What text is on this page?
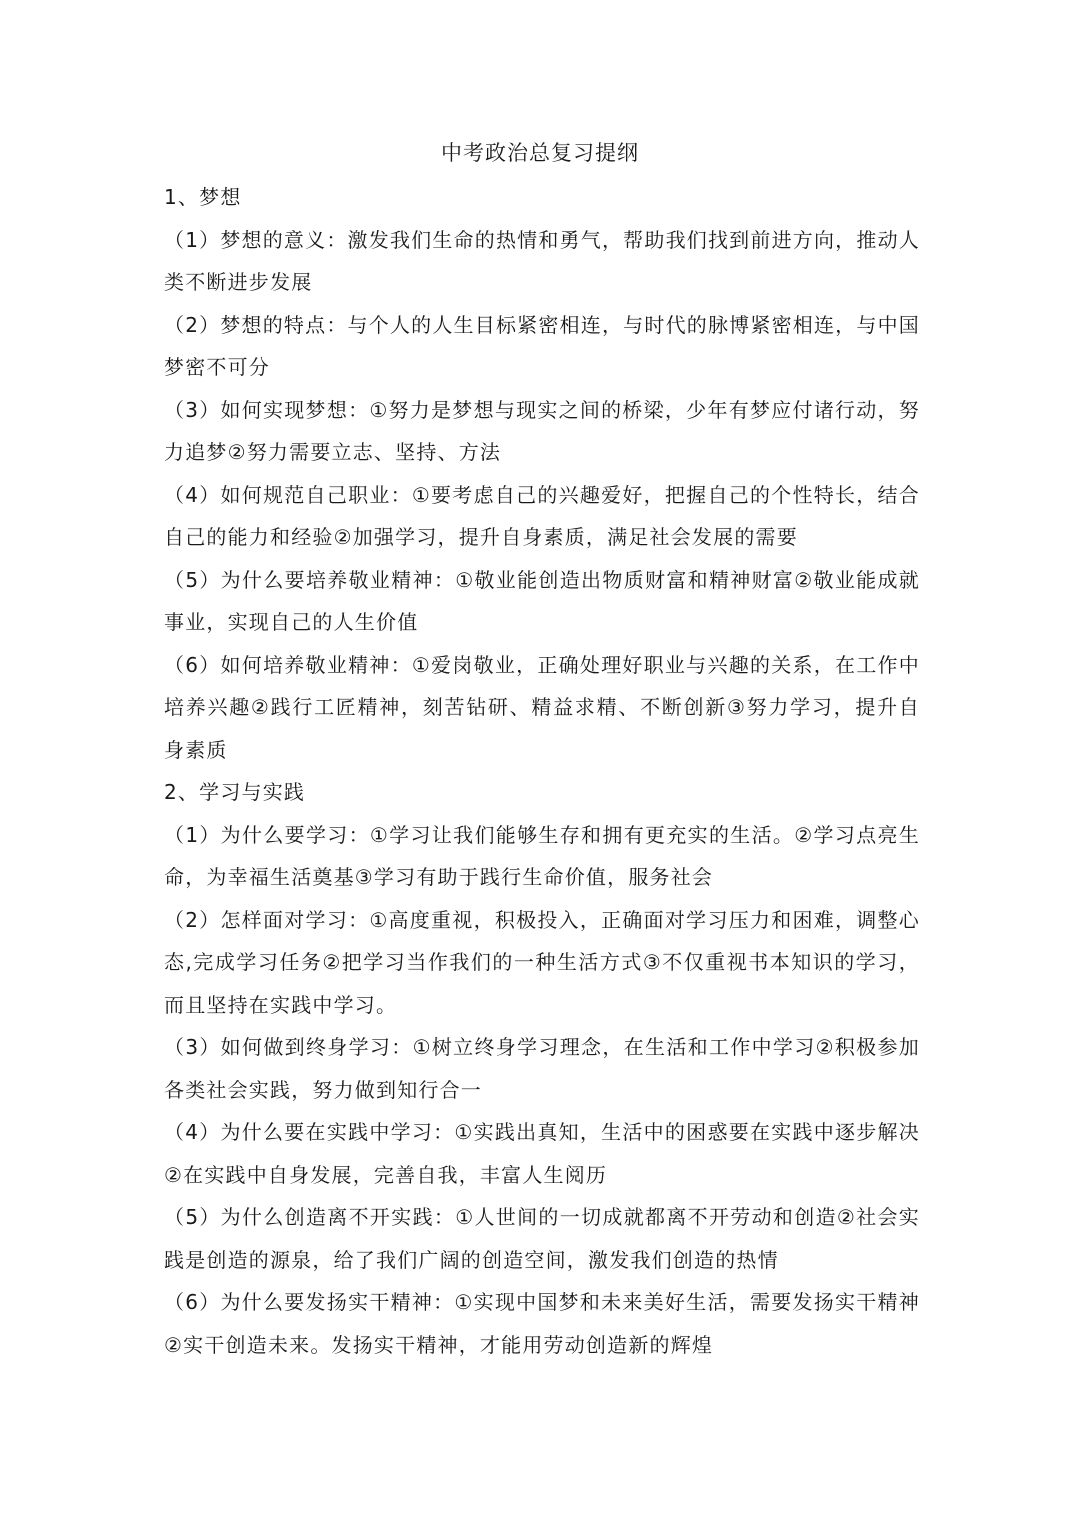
中考政治总复习提纲
1、梦想

（1）梦想的意义：激发我们生命的热情和勇气，帮助我们找到前进方向，推动人类不断进步发展

（2）梦想的特点：与个人的人生目标紧密相连，与时代的脉博紧密相连，与中国梦密不可分

（3）如何实现梦想：①努力是梦想与现实之间的桥梁，少年有梦应付诸行动，努力追梦②努力需要立志、坚持、方法

（4）如何规范自己职业：①要考虑自己的兴趣爱好，把握自己的个性特长，结合自己的能力和经验②加强学习，提升自身素质，满足社会发展的需要

（5）为什么要培养敬业精神：①敬业能创造出物质财富和精神财富②敬业能成就事业，实现自己的人生价值

（6）如何培养敬业精神：①爱岗敬业，正确处理好职业与兴趣的关系，在工作中培养兴趣②践行工匠精神，刻苦钻研、精益求精、不断创新③努力学习，提升自身素质

2、学习与实践

（1）为什么要学习：①学习让我们能够生存和拥有更充实的生活。②学习点亮生命，为幸福生活奠基③学习有助于践行生命价值，服务社会

（2）怎样面对学习：①高度重视，积极投入，正确面对学习压力和困难，调整心态,完成学习任务②把学习当作我们的一种生活方式③不仅重视书本知识的学习，而且坚持在实践中学习。

（3）如何做到终身学习：①树立终身学习理念，在生活和工作中学习②积极参加各类社会实践，努力做到知行合一

（4）为什么要在实践中学习：①实践出真知，生活中的困惑要在实践中逐步解决②在实践中自身发展，完善自我，丰富人生阅历

（5）为什么创造离不开实践：①人世间的一切成就都离不开劳动和创造②社会实践是创造的源泉，给了我们广阔的创造空间，激发我们创造的热情

（6）为什么要发扬实干精神：①实现中国梦和未来美好生活，需要发扬实干精神②实干创造未来。发扬实干精神，才能用劳动创造新的辉煌
